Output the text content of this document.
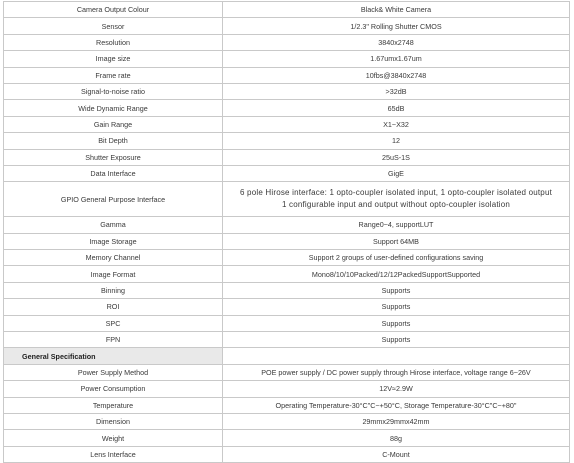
Camera Output Colour	Black& White Camera
Sensor	1/2.3" Rolling Shutter CMOS
Resolution	3840x2748
Image size	1.67umx1.67um
Frame rate	10fbs@3840x2748
Signal-to-noise ratio	>32dB
Wide Dynamic Range	65dB
Gain Range	X1~X32
Bit Depth	12
Shutter Exposure	25uS-1S
Data Interface	GigE
GPIO General Purpose Interface	6 pole Hirose interface: 1 opto-coupler isolated input, 1 opto-coupler isolated output
1 configurable input and output without opto-coupler isolation

Gamma	Range0~4, supportLUT
Image Storage	Support 64MB
Memory Channel	Support 2 groups of user-defined configurations saving
Image Format	Mono8/10/10Packed/12/12PackedSupportSupported
Binning	Supports
ROI	Supports
SPC	Supports
FPN	Supports
General Specification	
Power Supply Method	POE power supply / DC power supply through Hirose interface, voltage range 6~26V
Power Consumption	12V≈2.9W
Temperature	Operating Temperature-30°C"C~+50°C, Storage Temperature-30°C"C~+80"
Dimension	29mmx29mmx42mm
Weight	88g
Lens Interface	C-Mount
